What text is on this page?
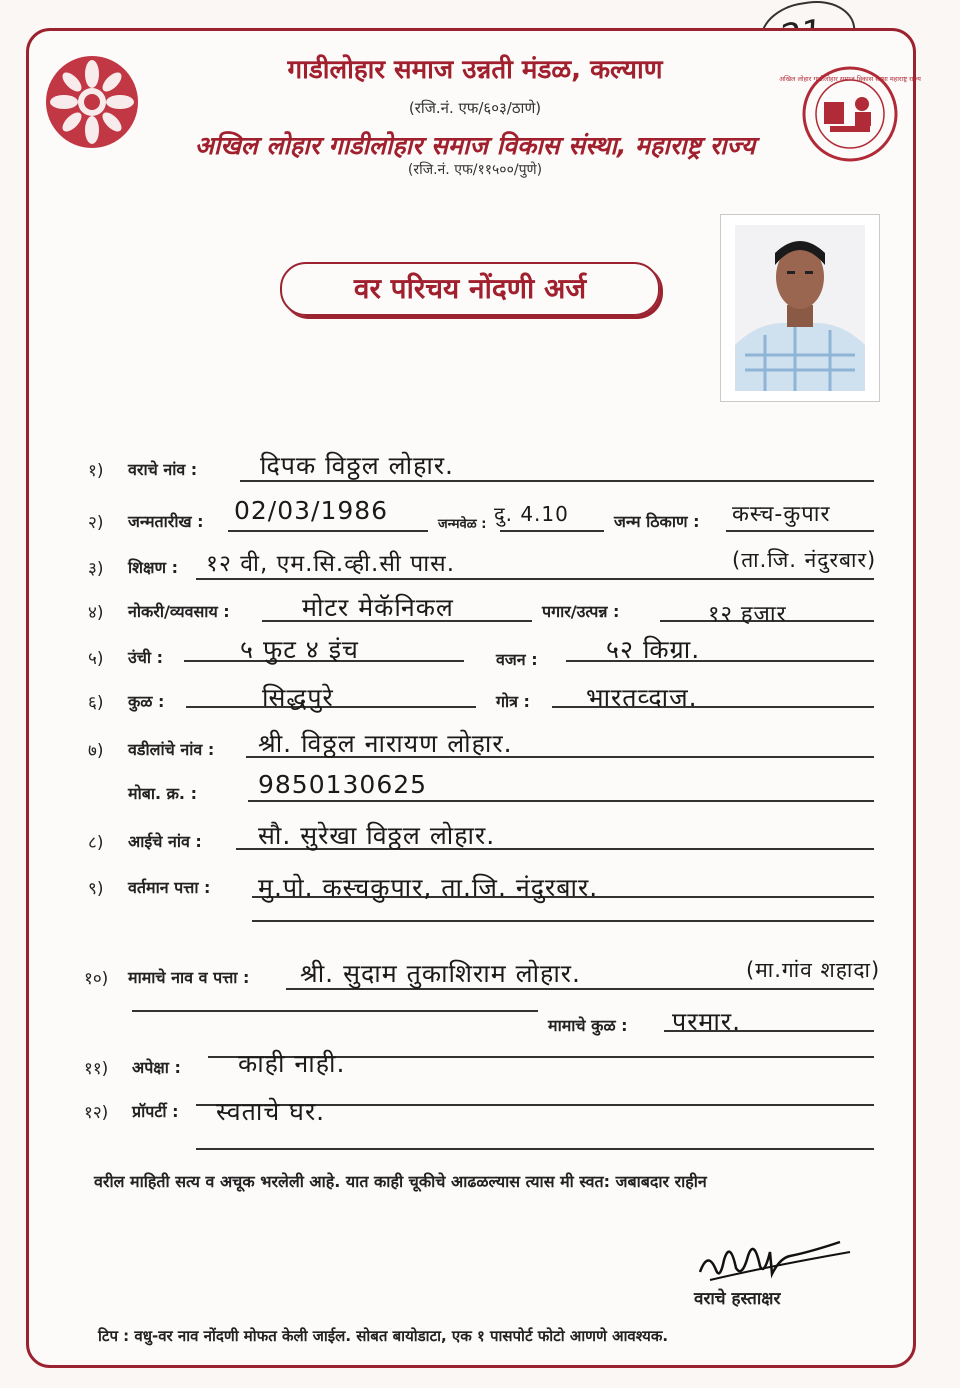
अखिल लोहार गाडीलोहार समाज विकास संस्था महाराष्ट्र राज्य
गाडीलोहार समाज उन्नती मंडळ, कल्याण
(रजि.नं. एफ/६०३/ठाणे)
अखिल लोहार गाडीलोहार समाज विकास संस्था, महाराष्ट्र राज्य
(रजि.नं. एफ/११५००/पुणे)
वर परिचय नोंदणी अर्ज
१) वराचे नांव :	दिपक विठ्ठल लोहार.
२) जन्मतारीख : 02/03/1986	जन्मवेळ : दु. 4.10	जन्म ठिकाण : कस्च-कुपार
३) शिक्षण : १२ वी, एम.सि.व्ही.सी पास.	(ता.जि. नंदुरबार)
४) नोकरी/व्यवसाय :	मोटर मेकॅनिकल	पगार/उत्पन्न :	१२ हजार
५) उंची :	५ फुट ४ इंच	वजन :	५२ किग्रा.
६) कुळ :	सिद्धपुरे	गोत्र : भारतव्दाज.
७) वडीलांचे नांव : श्री. विठ्ठल नारायण लोहार.
मोबा. क्र. : 9850130625
८) आईचे नांव : सौ. सुरेखा विठ्ठल लोहार.
९) वर्तमान पत्ता : मु.पो. कस्चकुपार, ता.जि. नंदुरबार.
१०) मामाचे नाव व पत्ता : श्री. सुदाम तुकाशिराम लोहार.	(मा.गांव शहादा)
मामाचे कुळ : परमार.
११) अपेक्षा : काही नाही.
१२) प्रॉपर्टी : स्वताचे घर.
वरील माहिती सत्य व अचूक भरलेली आहे. यात काही चूकीचे आढळल्यास त्यास मी स्वत: जबाबदार राहीन
वराचे हस्ताक्षर
टिप : वधु-वर नाव नोंदणी मोफत केली जाईल. सोबत बायोडाटा, एक १ पासपोर्ट फोटो आणणे आवश्यक.
